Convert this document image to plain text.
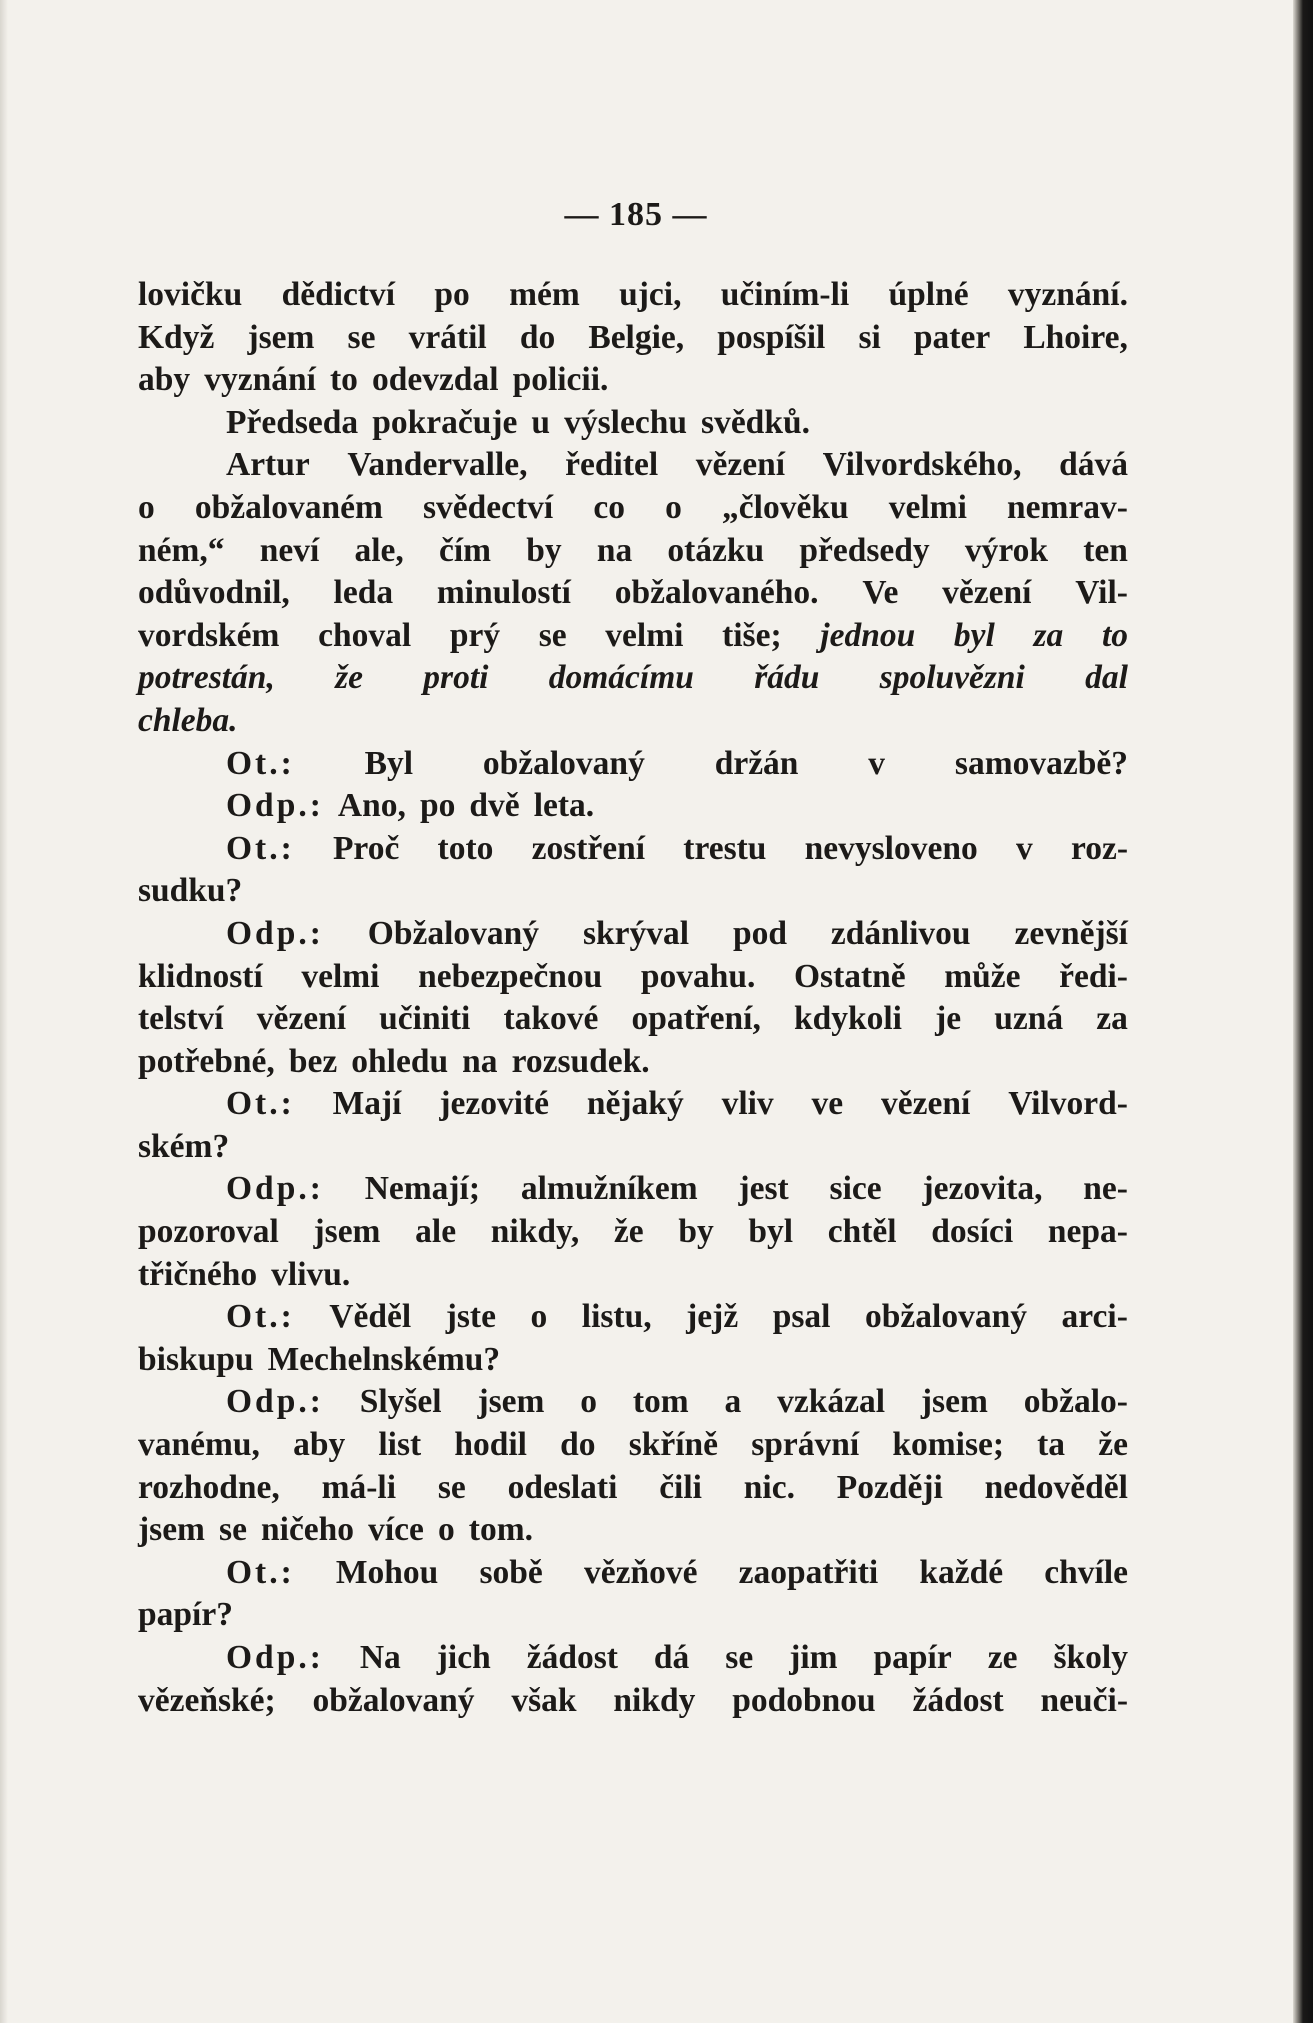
— 185 —
lovičku dědictví po mém ujci, učiním-li úplné vyznání.
Když jsem se vrátil do Belgie, pospíšil si pater Lhoire,
aby vyznání to odevzdal policii.
Předseda pokračuje u výslechu svědků.
Artur Vandervalle, ředitel vězení Vilvordského, dává
o obžalovaném svědectví co o „člověku velmi nemrav-
ném,“ neví ale, čím by na otázku předsedy výrok ten
odůvodnil, leda minulostí obžalovaného. Ve vězení Vil-
vordském choval prý se velmi tiše; jednou byl za to
potrestán, že proti domácímu řádu spoluvězni dal
chleba.
Ot.: Byl obžalovaný držán v samovazbě?
Odp.: Ano, po dvě leta.
Ot.: Proč toto zostření trestu nevysloveno v roz-
sudku?
Odp.: Obžalovaný skrýval pod zdánlivou zevnější
klidností velmi nebezpečnou povahu. Ostatně může ředi-
telství vězení učiniti takové opatření, kdykoli je uzná za
potřebné, bez ohledu na rozsudek.
Ot.: Mají jezovité nějaký vliv ve vězení Vilvord-
ském?
Odp.: Nemají; almužníkem jest sice jezovita, ne-
pozoroval jsem ale nikdy, že by byl chtěl dosíci nepa-
třičného vlivu.
Ot.: Věděl jste o listu, jejž psal obžalovaný arci-
biskupu Mechelnskému?
Odp.: Slyšel jsem o tom a vzkázal jsem obžalo-
vanému, aby list hodil do skříně správní komise; ta že
rozhodne, má-li se odeslati čili nic. Později nedověděl
jsem se ničeho více o tom.
Ot.: Mohou sobě vězňové zaopatřiti každé chvíle
papír?
Odp.: Na jich žádost dá se jim papír ze školy
vězeňské; obžalovaný však nikdy podobnou žádost neuči-
